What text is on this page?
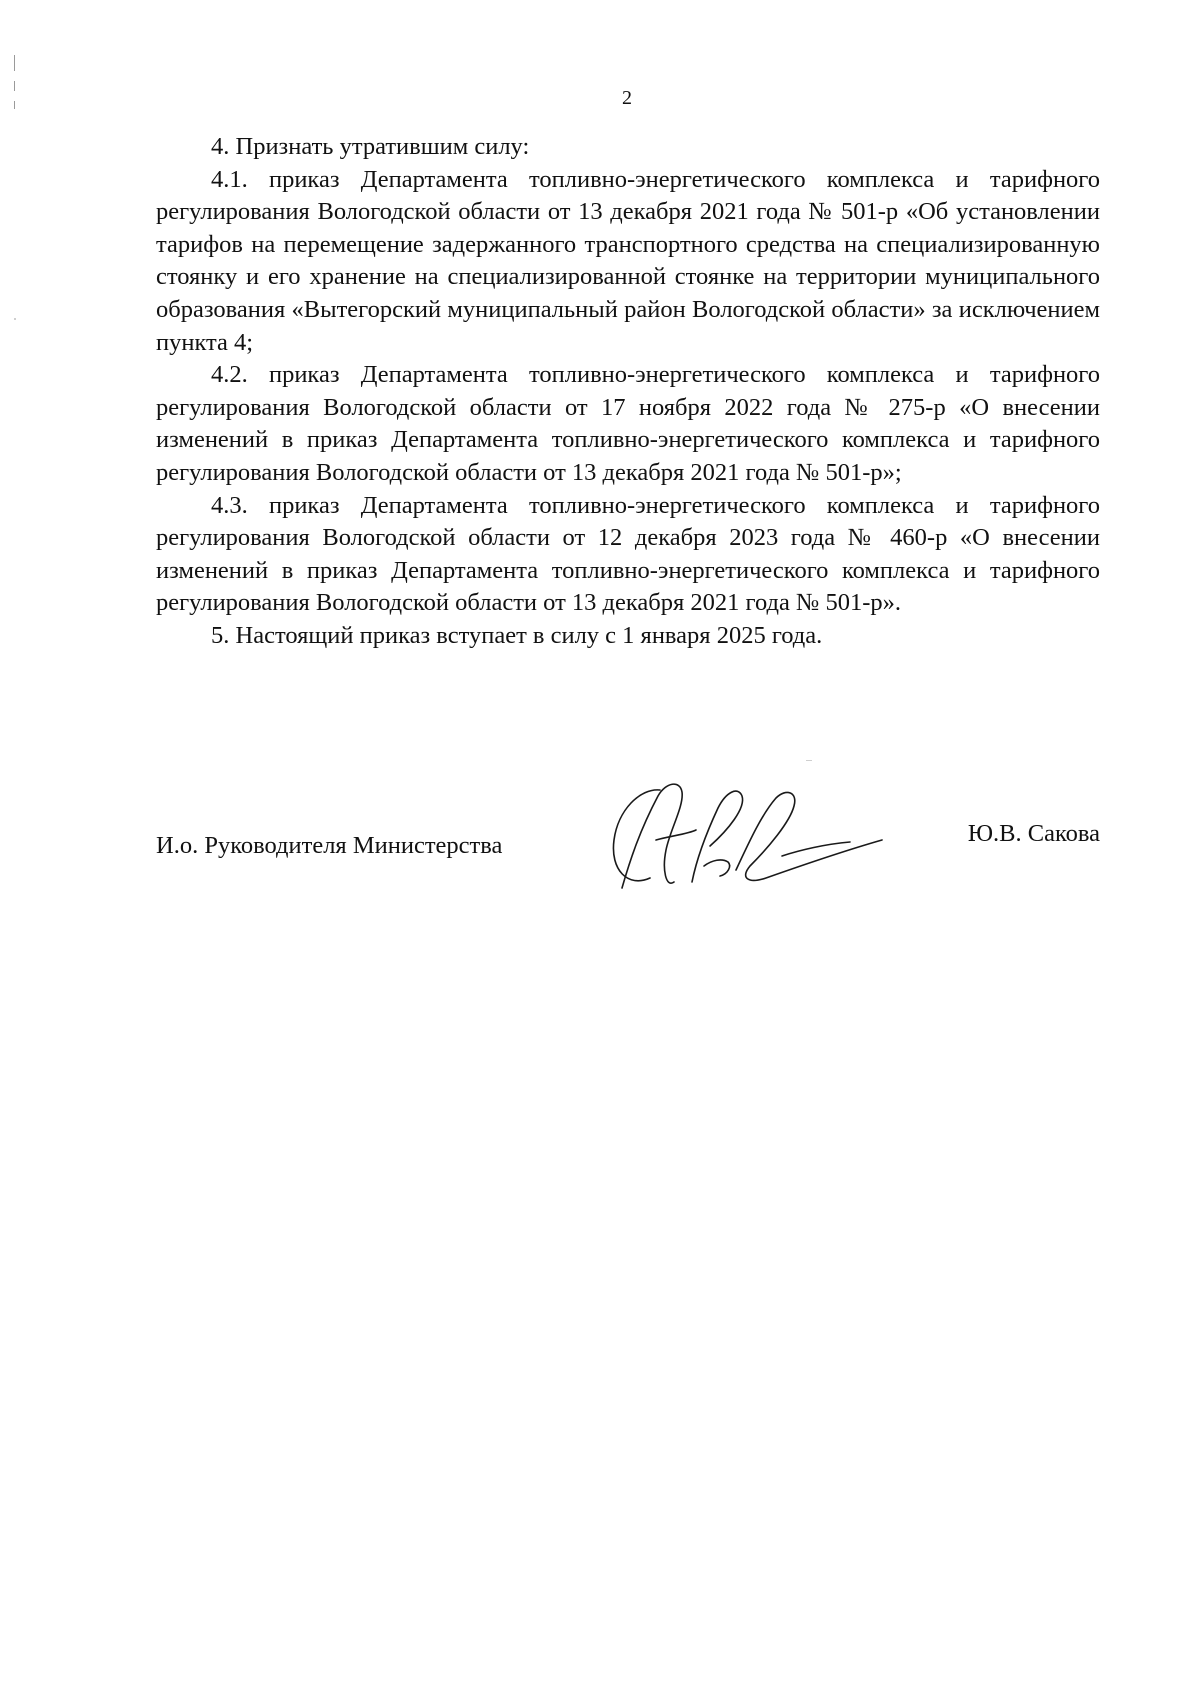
2

4. Признать утратившим силу:

4.1. приказ Департамента топливно-энергетического комплекса и тарифного регулирования Вологодской области от 13 декабря 2021 года № 501-р «Об установлении тарифов на перемещение задержанного транспортного средства на специализированную стоянку и его хранение на специализированной стоянке на территории муниципального образования «Вытегорский муниципальный район Вологодской области» за исключением пункта 4;

4.2. приказ Департамента топливно-энергетического комплекса и тарифного регулирования Вологодской области от 17 ноября 2022 года № 275-р «О внесении изменений в приказ Департамента топливно-энергетического комплекса и тарифного регулирования Вологодской области от 13 декабря 2021 года № 501-р»;

4.3. приказ Департамента топливно-энергетического комплекса и тарифного регулирования Вологодской области от 12 декабря 2023 года № 460-р «О внесении изменений в приказ Департамента топливно-энергетического комплекса и тарифного регулирования Вологодской области от 13 декабря 2021 года № 501-р».

5. Настоящий приказ вступает в силу с 1 января 2025 года.

И.о. Руководителя Министерства	Ю.В. Сакова
